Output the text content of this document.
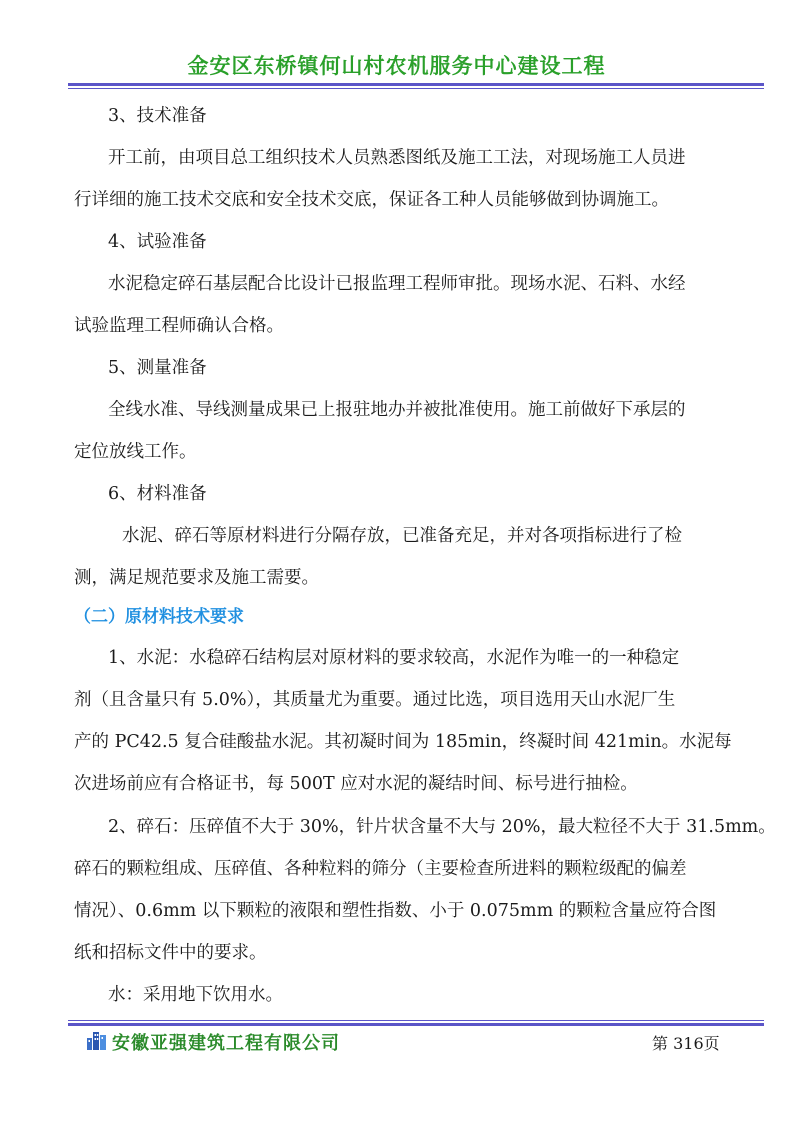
金安区东桥镇何山村农机服务中心建设工程
3、技术准备
开工前，由项目总工组织技术人员熟悉图纸及施工工法，对现场施工人员进
行详细的施工技术交底和安全技术交底，保证各工种人员能够做到协调施工。
4、试验准备
水泥稳定碎石基层配合比设计已报监理工程师审批。现场水泥、石料、水经
试验监理工程师确认合格。
5、测量准备
全线水准、导线测量成果已上报驻地办并被批准使用。施工前做好下承层的
定位放线工作。
6、材料准备
水泥、碎石等原材料进行分隔存放，已准备充足，并对各项指标进行了检
测，满足规范要求及施工需要。
（二）原材料技术要求
1、水泥：水稳碎石结构层对原材料的要求较高，水泥作为唯一的一种稳定
剂（且含量只有 5.0%），其质量尤为重要。通过比选，项目选用天山水泥厂生
产的 PC42.5 复合硅酸盐水泥。其初凝时间为 185min，终凝时间 421min。水泥每
次进场前应有合格证书，每 500T 应对水泥的凝结时间、标号进行抽检。
2、碎石：压碎值不大于 30%，针片状含量不大与 20%，最大粒径不大于 31.5mm。
碎石的颗粒组成、压碎值、各种粒料的筛分（主要检查所进料的颗粒级配的偏差
情况）、0.6mm 以下颗粒的液限和塑性指数、小于 0.075mm 的颗粒含量应符合图
纸和招标文件中的要求。
水：采用地下饮用水。
安徽亚强建筑工程有限公司	第 316页
